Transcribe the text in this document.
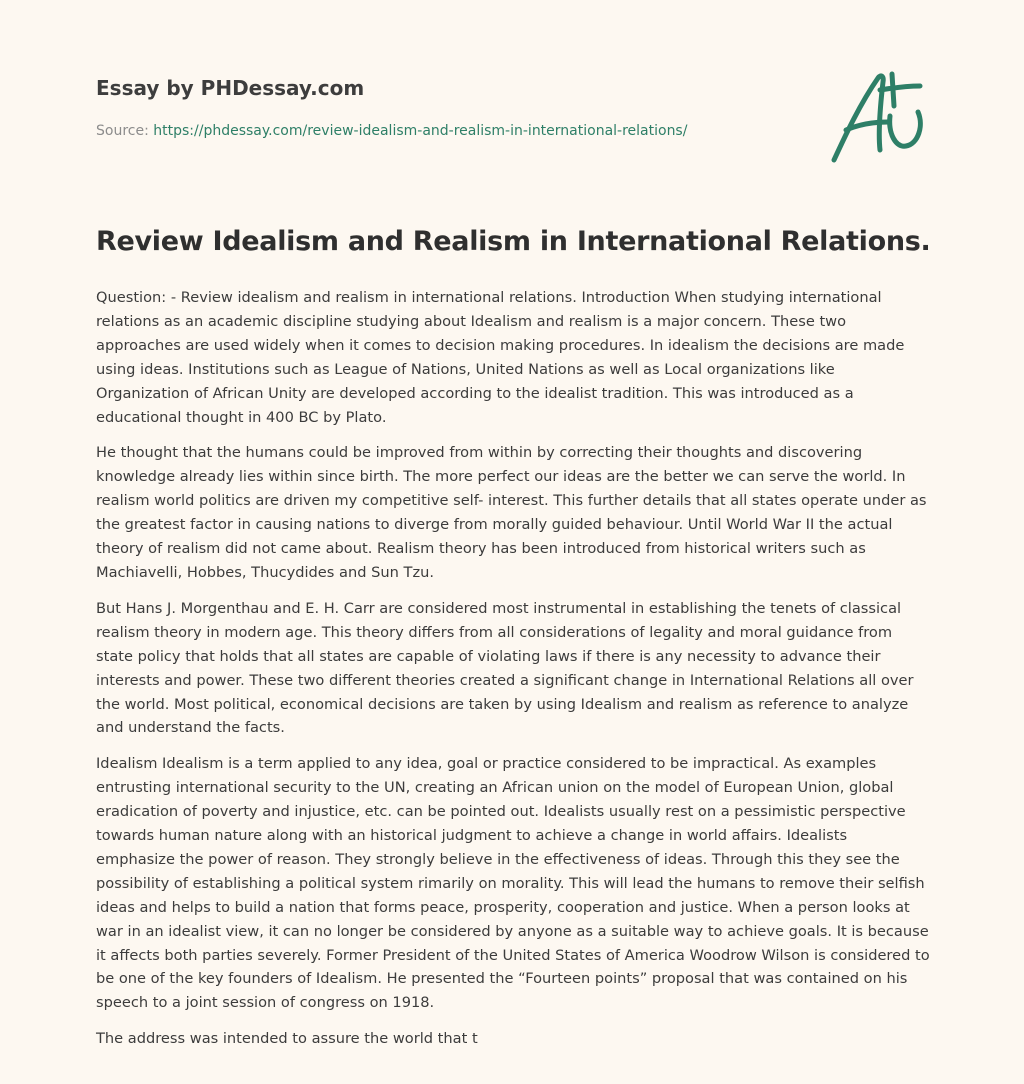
Essay by PHDessay.com
Source: https://phdessay.com/review-idealism-and-realism-in-international-relations/
Review Idealism and Realism in International Relations.

Question: - Review idealism and realism in international relations. Introduction When studying international relations as an academic discipline studying about Idealism and realism is a major concern. These two approaches are used widely when it comes to decision making procedures. In idealism the decisions are made using ideas. Institutions such as League of Nations, United Nations as well as Local organizations like Organization of African Unity are developed according to the idealist tradition. This was introduced as a educational thought in 400 BC by Plato.

He thought that the humans could be improved from within by correcting their thoughts and discovering knowledge already lies within since birth. The more perfect our ideas are the better we can serve the world. In realism world politics are driven my competitive self- interest. This further details that all states operate under as the greatest factor in causing nations to diverge from morally guided behaviour. Until World War II the actual theory of realism did not came about. Realism theory has been introduced from historical writers such as Machiavelli, Hobbes, Thucydides and Sun Tzu.

But Hans J. Morgenthau and E. H. Carr are considered most instrumental in establishing the tenets of classical realism theory in modern age. This theory differs from all considerations of legality and moral guidance from state policy that holds that all states are capable of violating laws if there is any necessity to advance their interests and power. These two different theories created a significant change in International Relations all over the world. Most political, economical decisions are taken by using Idealism and realism as reference to analyze and understand the facts.

Idealism Idealism is a term applied to any idea, goal or practice considered to be impractical. As examples entrusting international security to the UN, creating an African union on the model of European Union, global eradication of poverty and injustice, etc. can be pointed out. Idealists usually rest on a pessimistic perspective towards human nature along with an historical judgment to achieve a change in world affairs. Idealists emphasize the power of reason. They strongly believe in the effectiveness of ideas. Through this they see the possibility of establishing a political system rimarily on morality. This will lead the humans to remove their selfish ideas and helps to build a nation that forms peace, prosperity, cooperation and justice. When a person looks at war in an idealist view, it can no longer be considered by anyone as a suitable way to achieve goals. It is because it affects both parties severely. Former President of the United States of America Woodrow Wilson is considered to be one of the key founders of Idealism. He presented the “Fourteen points” proposal that was contained on his speech to a joint session of congress on 1918.

The address was intended to assure the world that t
